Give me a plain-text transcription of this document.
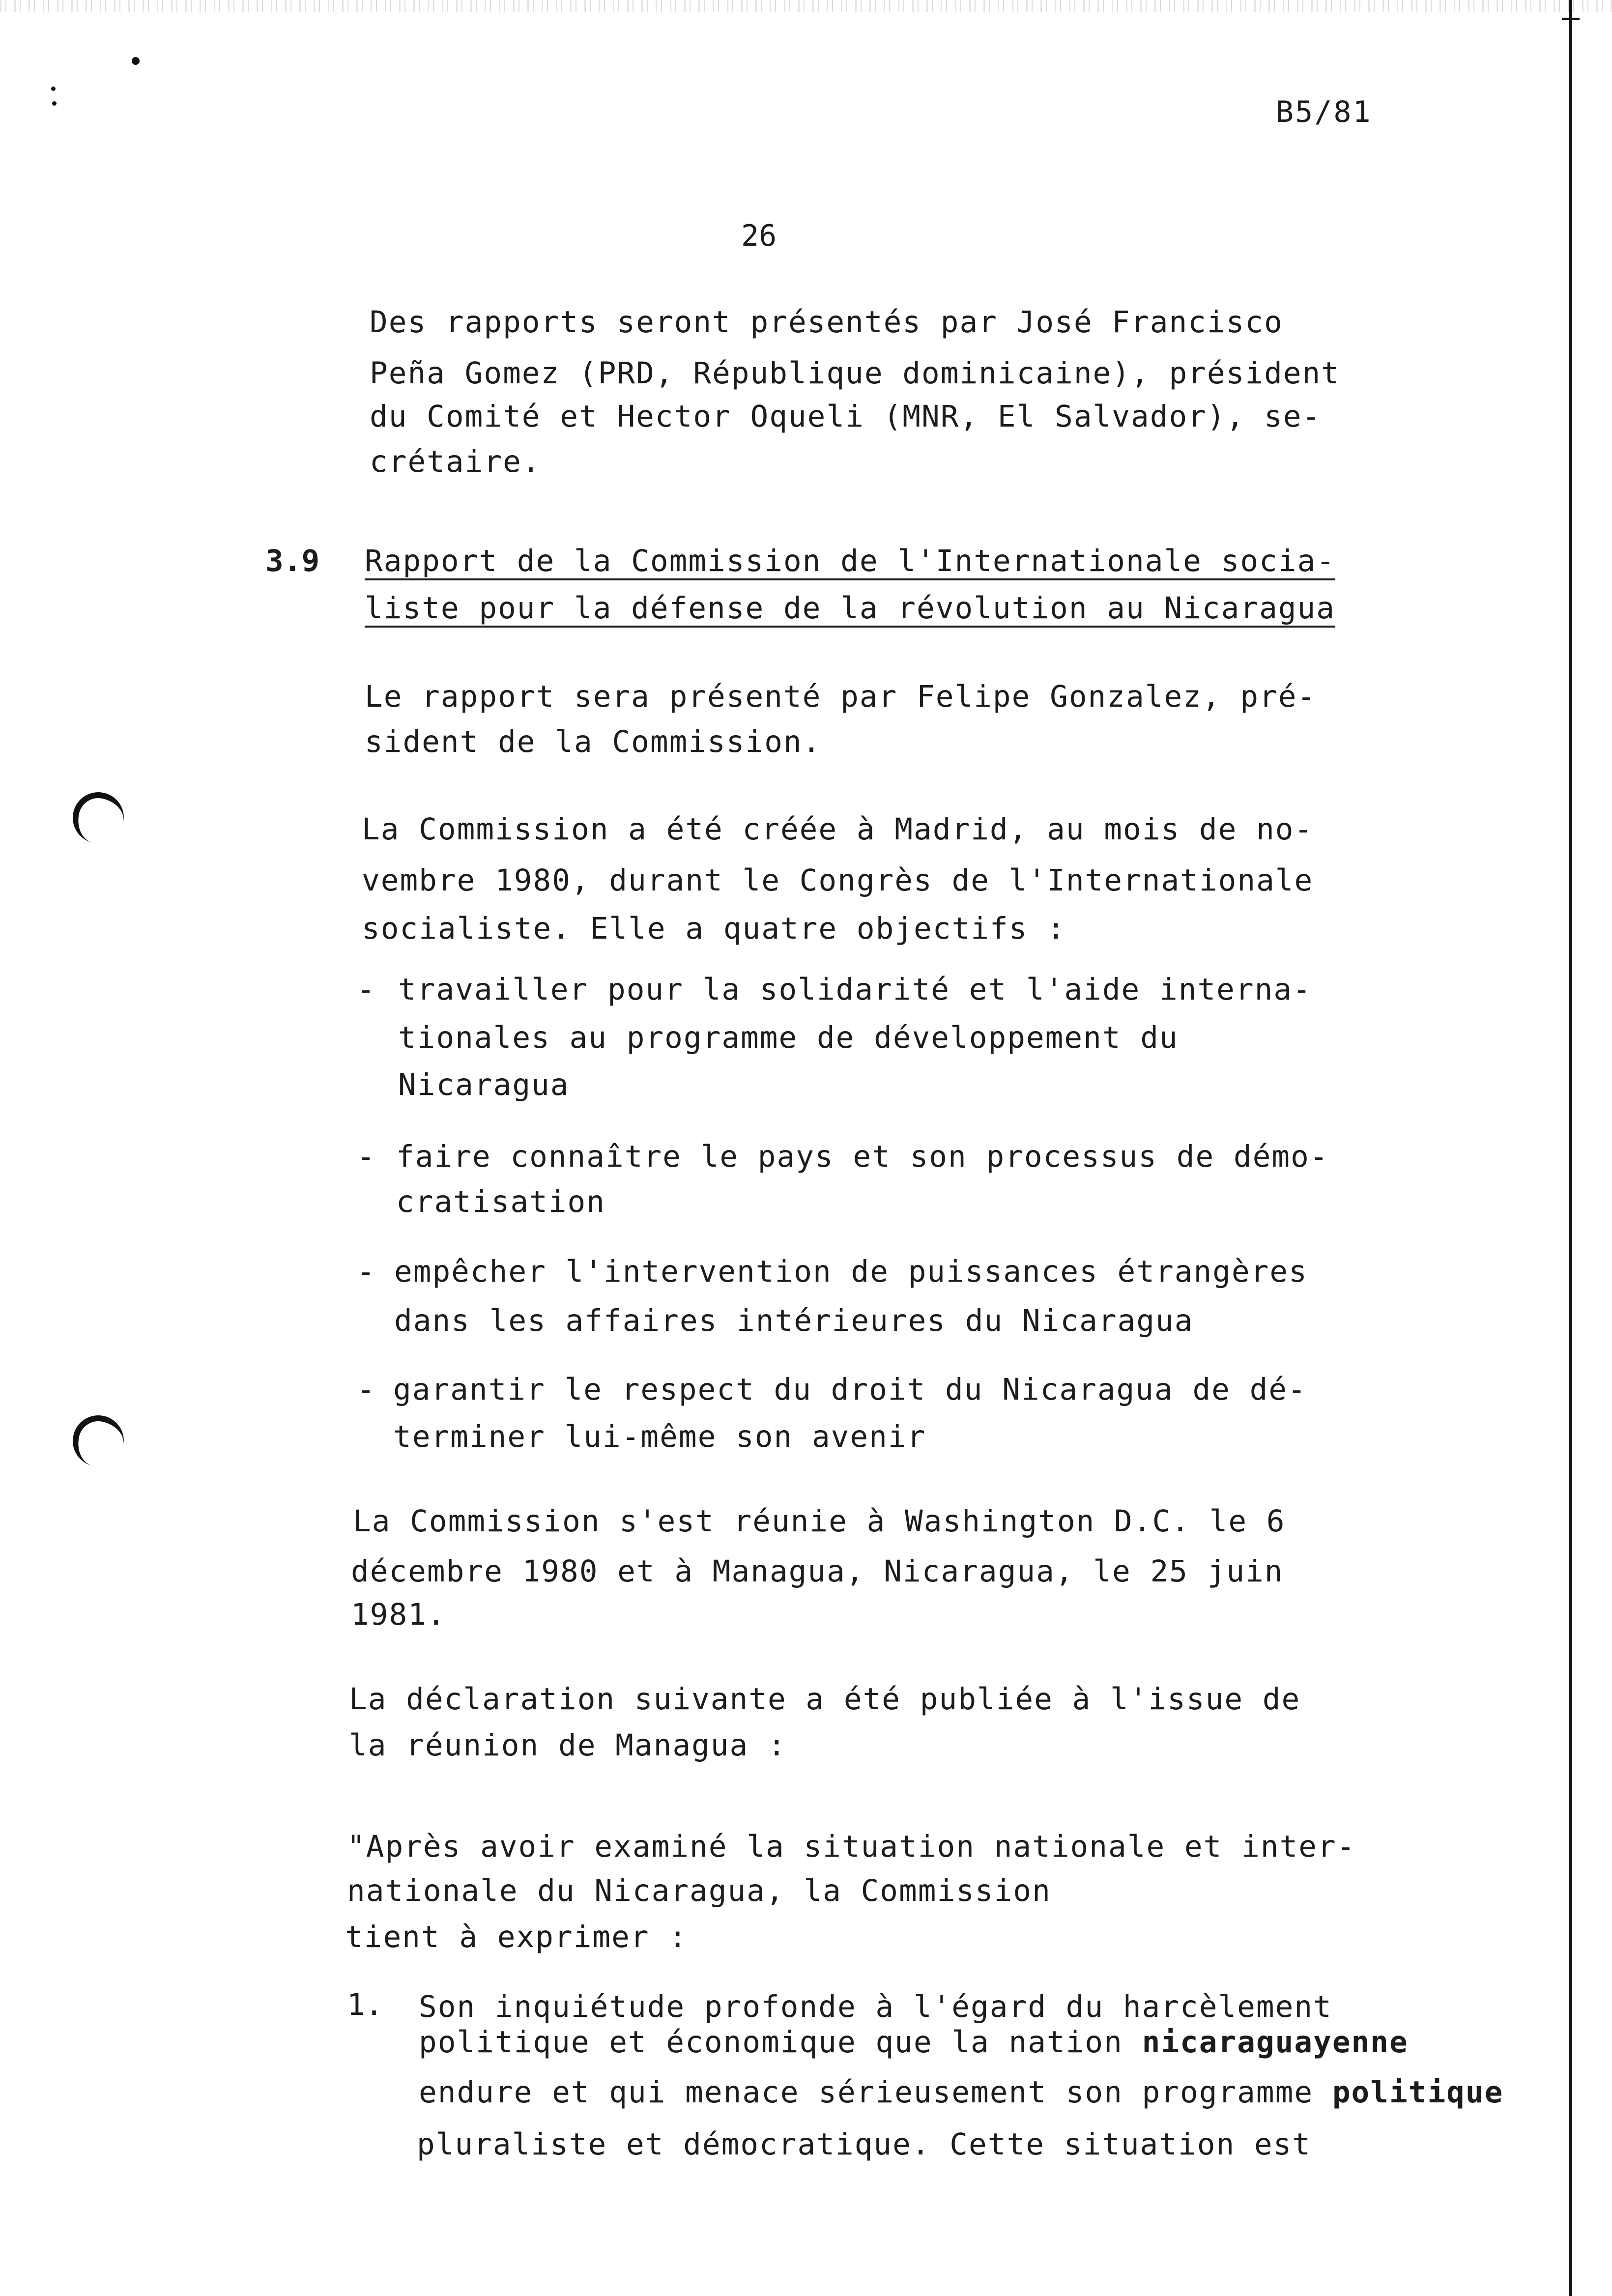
B5/81
26
Des rapports seront présentés par José Francisco
Peña Gomez (PRD, République dominicaine), président
du Comité et Hector Oqueli (MNR, El Salvador), se-
crétaire.
3.9 Rapport de la Commission de l'Internationale socia-
liste pour la défense de la révolution au Nicaragua
Le rapport sera présenté par Felipe Gonzalez, pré-
sident de la Commission.
La Commission a été créée à Madrid, au mois de no-
vembre 1980, durant le Congrès de l'Internationale
socialiste. Elle a quatre objectifs :
- travailler pour la solidarité et l'aide interna-
tionales au programme de développement du
Nicaragua
- faire connaître le pays et son processus de démo-
cratisation
- empêcher l'intervention de puissances étrangères
dans les affaires intérieures du Nicaragua
- garantir le respect du droit du Nicaragua de dé-
terminer lui-même son avenir
La Commission s'est réunie à Washington D.C. le 6
décembre 1980 et à Managua, Nicaragua, le 25 juin
1981.
La déclaration suivante a été publiée à l'issue de
la réunion de Managua :
"Après avoir examiné la situation nationale et inter-
nationale du Nicaragua, la Commission
tient à exprimer :
1. Son inquiétude profonde à l'égard du harcèlement
politique et économique que la nation nicaraguayenne
endure et qui menace sérieusement son programme politique
pluraliste et démocratique. Cette situation est
